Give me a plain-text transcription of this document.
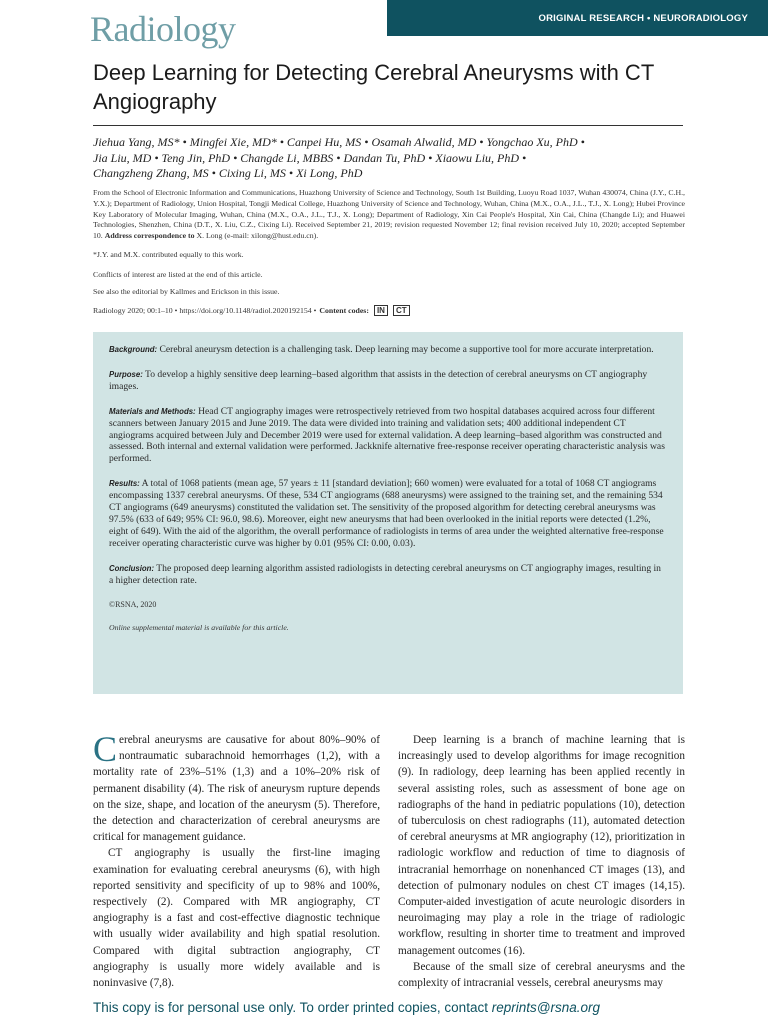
Radiology	ORIGINAL RESEARCH • NEURORADIOLOGY
Deep Learning for Detecting Cerebral Aneurysms with CT Angiography
Jiehua Yang, MS* • Mingfei Xie, MD* • Canpei Hu, MS • Osamah Alwalid, MD • Yongchao Xu, PhD •
Jia Liu, MD • Teng Jin, PhD • Changde Li, MBBS • Dandan Tu, PhD • Xiaowu Liu, PhD •
Changzheng Zhang, MS • Cixing Li, MS • Xi Long, PhD
From the School of Electronic Information and Communications, Huazhong University of Science and Technology, South 1st Building, Luoyu Road 1037, Wuhan 430074, China (J.Y., C.H., Y.X.); Department of Radiology, Union Hospital, Tongji Medical College, Huazhong University of Science and Technology, Wuhan, China (M.X., O.A., J.L., T.J., X. Long); Hubei Province Key Laboratory of Molecular Imaging, Wuhan, China (M.X., O.A., J.L., T.J., X. Long); Department of Radiology, Xin Cai People's Hospital, Xin Cai, China (Changde Li); and Huawei Technologies, Shenzhen, China (D.T., X. Liu, C.Z., Cixing Li). Received September 21, 2019; revision requested November 12; final revision received July 10, 2020; accepted September 10. Address correspondence to X. Long (e-mail: xilong@hust.edu.cn).
*J.Y. and M.X. contributed equally to this work.
Conflicts of interest are listed at the end of this article.
See also the editorial by Kallmes and Erickson in this issue.
Radiology 2020; 00:1–10 • https://doi.org/10.1148/radiol.2020192154 • Content codes:	IN	CT

Background: Cerebral aneurysm detection is a challenging task. Deep learning may become a supportive tool for more accurate interpretation.

Purpose: To develop a highly sensitive deep learning–based algorithm that assists in the detection of cerebral aneurysms on CT angiography images.

Materials and Methods: Head CT angiography images were retrospectively retrieved from two hospital databases acquired across four different scanners between January 2015 and June 2019. The data were divided into training and validation sets; 400 additional independent CT angiograms acquired between July and December 2019 were used for external validation. A deep learning–based algorithm was constructed and assessed. Both internal and external validation were performed. Jackknife alternative free-response receiver operating characteristic analysis was performed.

Results: A total of 1068 patients (mean age, 57 years ± 11 [standard deviation]; 660 women) were evaluated for a total of 1068 CT angiograms encompassing 1337 cerebral aneurysms. Of these, 534 CT angiograms (688 aneurysms) were assigned to the training set, and the remaining 534 CT angiograms (649 aneurysms) constituted the validation set. The sensitivity of the proposed algorithm for detecting cerebral aneurysms was 97.5% (633 of 649; 95% CI: 96.0, 98.6). Moreover, eight new aneurysms that had been overlooked in the initial reports were detected (1.2%, eight of 649). With the aid of the algorithm, the overall performance of radiologists in terms of area under the weighted alternative free-response receiver operating characteristic curve was higher by 0.01 (95% CI: 0.00, 0.03).

Conclusion: The proposed deep learning algorithm assisted radiologists in detecting cerebral aneurysms on CT angiography images, resulting in a higher detection rate.

©RSNA, 2020

Online supplemental material is available for this article.

Cerebral aneurysms are causative for about 80%–90% of nontraumatic subarachnoid hemorrhages (1,2), with a mortality rate of 23%–51% (1,3) and a 10%–20% risk of permanent disability (4). The risk of aneurysm rupture depends on the size, shape, and location of the aneurysm (5). Therefore, the detection and characterization of cerebral aneurysms are critical for management guidance.

CT angiography is usually the first-line imaging examination for evaluating cerebral aneurysms (6), with high reported sensitivity and specificity of up to 98% and 100%, respectively (2). Compared with MR angiography, CT angiography is a fast and cost-effective diagnostic technique with usually wider availability and high spatial resolution. Compared with digital subtraction angiography, CT angiography is usually more widely available and is noninvasive (7,8).

Deep learning is a branch of machine learning that is increasingly used to develop algorithms for image recognition (9). In radiology, deep learning has been applied recently in several assisting roles, such as assessment of bone age on radiographs of the hand in pediatric populations (10), detection of tuberculosis on chest radiographs (11), automated detection of cerebral aneurysms at MR angiography (12), prioritization in radiologic workflow and reduction of time to diagnosis of intracranial hemorrhage on nonenhanced CT images (13), and detection of pulmonary nodules on chest CT images (14,15). Computer-aided investigation of acute neurologic disorders in neuroimaging may play a role in the triage of radiologic workflow, resulting in shorter time to treatment and improved management outcomes (16).

Because of the small size of cerebral aneurysms and the complexity of intracranial vessels, cerebral aneurysms may

This copy is for personal use only. To order printed copies, contact reprints@rsna.org
